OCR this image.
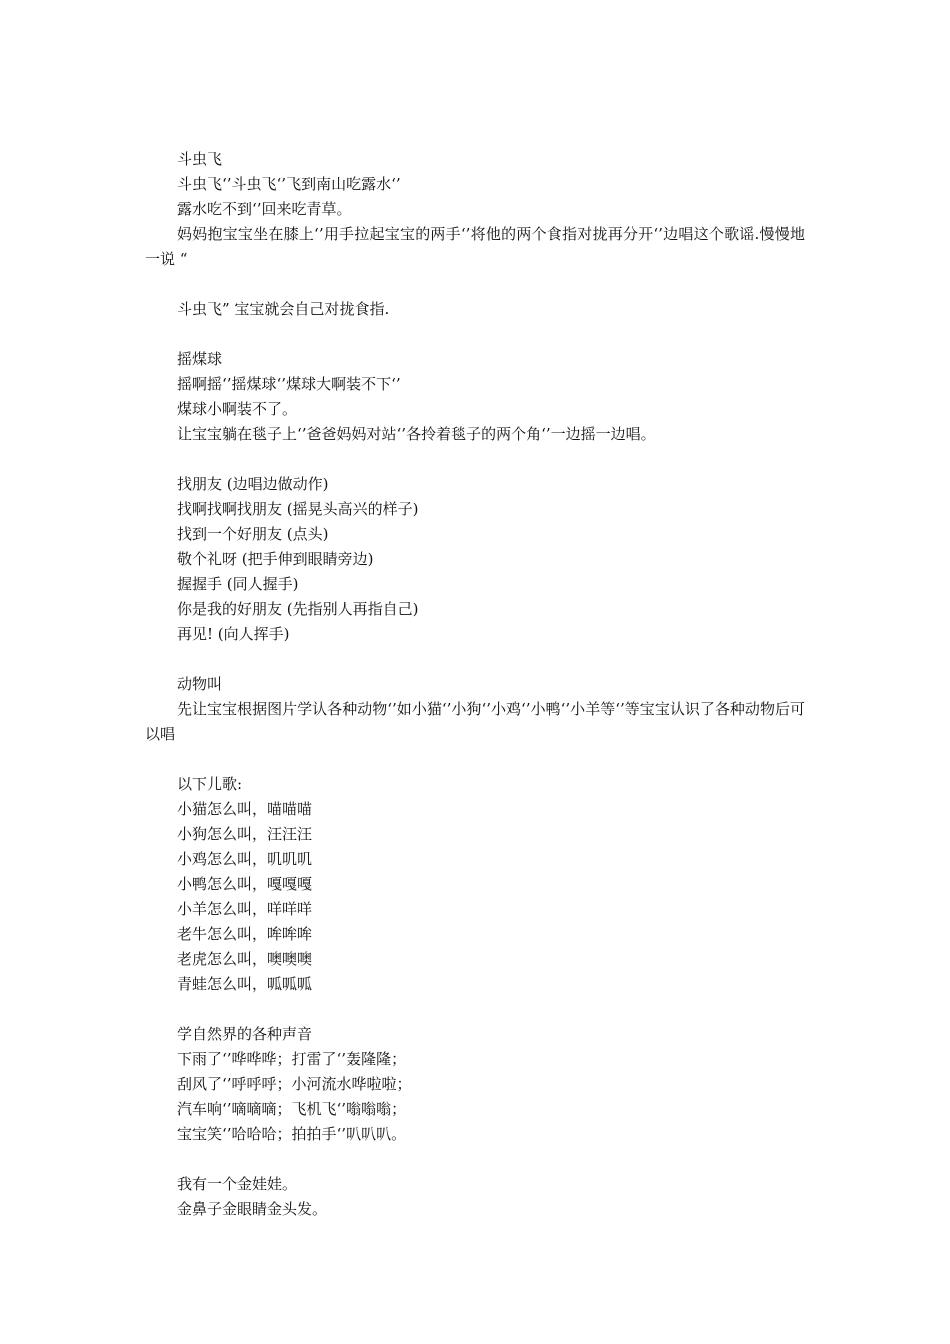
斗虫飞
斗虫飞‘’斗虫飞‘’飞到南山吃露水‘’
露水吃不到‘’回来吃青草。
妈妈抱宝宝坐在膝上‘’用手拉起宝宝的两手‘’将他的两个食指对拢再分开‘’边唱这个歌谣.慢慢地一说 “
斗虫飞” 宝宝就会自己对拢食指.
摇煤球
摇啊摇‘’摇煤球‘’煤球大啊装不下‘’
煤球小啊装不了。
让宝宝躺在毯子上‘’爸爸妈妈对站‘’各拎着毯子的两个角‘’一边摇一边唱。
找朋友 (边唱边做动作)
找啊找啊找朋友 (摇晃头高兴的样子)
找到一个好朋友 (点头)
敬个礼呀 (把手伸到眼睛旁边)
握握手 (同人握手)
你是我的好朋友 (先指别人再指自己)
再见! (向人挥手)
动物叫
先让宝宝根据图片学认各种动物‘’如小猫‘’小狗‘’小鸡‘’小鸭‘’小羊等‘’等宝宝认识了各种动物后可以唱
以下儿歌:
小猫怎么叫，喵喵喵
小狗怎么叫，汪汪汪
小鸡怎么叫，叽叽叽
小鸭怎么叫，嘎嘎嘎
小羊怎么叫，咩咩咩
老牛怎么叫，哞哞哞
老虎怎么叫，噢噢噢
青蛙怎么叫，呱呱呱
学自然界的各种声音
下雨了‘’哗哗哗；打雷了‘’轰隆隆；
刮风了‘’呼呼呼；小河流水哗啦啦；
汽车响‘’嘀嘀嘀；飞机飞‘’嗡嗡嗡；
宝宝笑‘’哈哈哈；拍拍手‘’叭叭叭。
我有一个金娃娃。
金鼻子金眼睛金头发。
